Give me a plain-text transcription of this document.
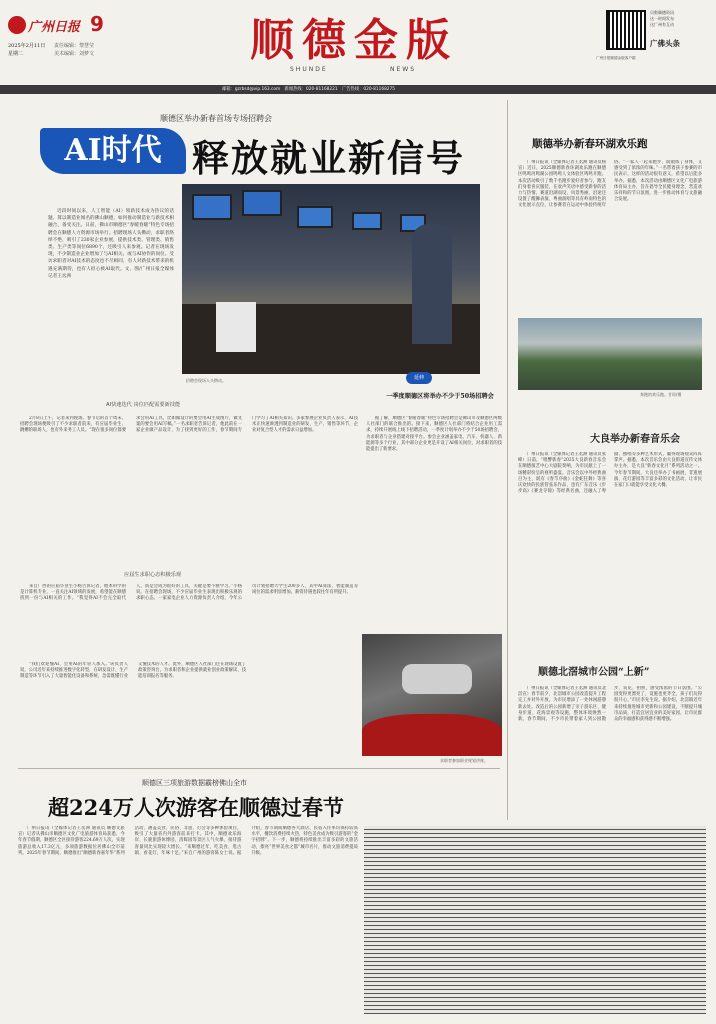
广州日报 9
2025年2月11日
星期二
责任编辑：黎慧莹
美术编辑：刘梦文	顺德金版
SHUNDE	NEWS
广州日报顺德金版客户端
贝数顺德资讯
这一时间发布
这广州有互动
广佛头条
邮箱：gzrbsd@vip.163.com　新闻热线：020-81168221　广告热线：020-81168275
顺德区举办新春首场专场招聘会
AI时代 释放就业新信号

近段时间以来，人工智能（AI）领新技术成为热议的话题。算以制造业闻名的佛山顺德，如何推动制造业与新技术相融合，备受关注。日前，佛山市顺德区“春暖春暖”特色专场招聘会在顺德人力资源市场举行。招聘现场人头攒动，求职者络绎不绝，吸引了230家企业参展，提供技术类、管理类、销售类、生产类等岗位6890个，还吸引人来参观。记者在现场发现，不少制造业企业增加了与AI相关、或与AI协作的岗位。受访求职者对AI技术的态度也不尽相同，有人对新技术带来的机遇充满期待，也有人担心被AI取代。文、图/广州日报全媒体记者王丞洲

招聘会现场人头攒动。	延伸
一季度顺德区将举办不少于50场招聘会

据了解，顺德区“春暖春暖”特色专场招聘会是佛山市及顺德区两级人社部门的联合推出的。接下来，顺德区人社部门将结合企业用工需求，持续开展线上线下招聘活动，一季度计划举办不少于50场招聘会，为求职者与企业搭建对接平台。参会企业涵盖家电、汽车、机器人、新能源等多个行业，其中部分企业更是开设了AI相关岗位，对求职者的技能提出了新要求。

AI快速迭代 岗位匹配需要新技能

2月8日上午，记者来到现场。春节后的首个周末，招聘会现场便吸引了不少求职者前来，有应届毕业生、跳槽的职场人，也有外来务工人员。“现在很多岗位都要求会用AI工具，比如做设计的要会用AI生成图片，做文案的要会用AI写稿。”一名求职者告诉记者，他此前在一家企业做产品设计，为了找到更好的工作，春节期间专门学习了AI相关知识。多家参展企业负责人表示，AI技术正快速渗透到制造业的研发、生产、销售等环节，企业对复合型人才的需求日益增加。

应届生求职心态积极乐观

来自广西的应届毕业生小杨告诉记者，他本科学的是计算机专业，一直关注AI领域的发展，希望能在顺德找到一份与AI相关的工作。“我觉得AI不会完全取代人，而是会成为很好的工具，关键是要不断学习。”小杨说。在招聘会现场，不少应届毕业生表现出积极乐观的求职心态。一家家电企业人力资源负责人介绍，今年公司计划招聘大学生200多人，其中AI算法、智能制造等岗位的需求明显增加，薪资待遇也较往年有所提升。

“我们欢迎懂AI、会用AI的年轻人加入。”该负责人说，公司近年来持续推进数字化转型，在研发设计、生产制造等环节引入了大量智能化设备和系统，急需既懂行业又懂技术的人才。此外，顺德区人社部门还在现场设置了政策咨询台，为求职者和企业提供就业创业政策解读、技能培训报名等服务。

求职者参加职业规划讲座。
顺德区三项旅游数据霸榜佛山全市
超224万人次游客在顺德过春节

广州日报讯（全媒体记者王丞洲 通讯员 顺德文旅宣）记者从佛山市顺德区文化广电旅游体育局获悉，今年春节假期，顺德区全区接待游客224.69万人次，实现旅游总收入17.3亿元，多项旅游数据位居佛山全市前列。2025年春节期间，顺德推出“顺德新春嘉年华”系列活动，涵盖美食、民俗、非遗、灯会等多种体验项目，吸引了大量省内外游客前来打卡。其中，顺德欢乐海岸、长鹿旅游休博园、清晖园等景区人气火爆，接待游客量同比实现较大增长。“来顺德过年，吃美食、逛古镇、看花灯，年味十足。”来自广州的游客陈女士说。据介绍，春节期间顺德各大酒店、民宿入住率均保持较高水平，餐饮消费持续火热，特色美食成为吸引游客的“金字招牌”。下一步，顺德将持续推出丰富多彩的文旅活动，擦亮“世界美食之都”城市名片，推动文旅消费提质升级。

顺德举办新春环湖欢乐跑

广州日报讯（全媒体记者王丞洲 通讯员杨宣）近日，2025顺德新春环湖欢乐跑在顺德区鸣鸣河鸣湖公园鸣鸣人文体验区鸣鸣开跑。本次活动吸引了数千名跑步爱好者参与，跑友们身着喜庆服装，在欢声笑语中感受新春的活力与热情。赛道沿湖而设，风景秀丽，沿途还设置了醒狮表演、粤曲演唱等具有岭南特色的文化展示点位，让参赛者在运动中体验传统年俗。“一家人一起来跑步，既锻炼了身体，又感受到了浓浓的年味。”一名带着孩子参赛的市民表示，这样的活动很有意义，希望以后能多举办。据悉，本次活动由顺德区文化广电旅游体育局主办，旨在倡导全民健身理念，营造欢乐祥和的节日氛围，进一步推动体育与文旅融合发展。

奔跑的欢乐跑。甘琼/摄
大良举办新春音乐会

广州日报讯（全媒体记者王丞洲 通讯员张峰）日前，“唱響新春”2025大良新春音乐会在顺德演艺中心大剧院奏响，为市民献上了一场精彩纷呈的视听盛宴。音乐会以中外经典曲目为主，既有《春节序曲》《金蛇狂舞》等喜庆欢快的民族管弦乐作品，也有广东音乐《步步高》《赛龙夺锦》等经典名曲，还融入了粤剧、独唱等多种艺术形式，赢得现场观众阵阵掌声。据悉，本次音乐会由大良街道宣传文体办主办，是大良“新春文化月”系列活动之一。今年春节期间，大良还举办了书画展、非遗展演、花灯游园等丰富多彩的文化活动，让市民在家门口就能享受文化大餐。

顺德北滘城市公园“上新”

广州日报讯（全媒体记者王丞洲 通讯员北滘宣）春节前夕，北滘城市公园改造提升工程完工并对外开放，为市民增添了一处休闲游憩新去处。改造后的公园新增了亲子游乐区、健身步道、花海景观等设施，整体环境焕然一新。春节期间，不少市民带着家人到公园散步、赏花、拍照，感受浓浓的节日氛围。“公园变得更漂亮了，设施也更齐全，孩子们玩得很开心。”市民李先生说。据介绍，北滘镇近年来持续推进城市更新和公园建设，不断提升城市品质，打造宜居宜业的美好家园，让市民群众的幸福感和获得感不断增强。
